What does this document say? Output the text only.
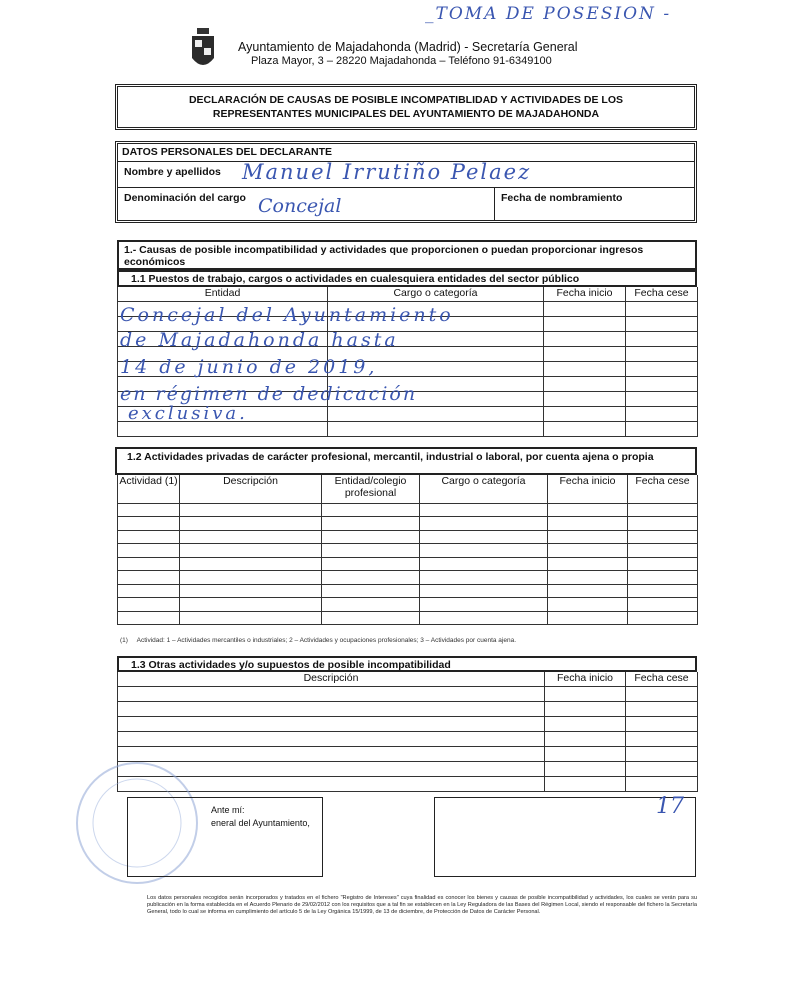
_TOMA DE POSESION -
Ayuntamiento de Majadahonda (Madrid) - Secretaría General
Plaza Mayor, 3 – 28220 Majadahonda – Teléfono 91-6349100
DECLARACIÓN DE CAUSAS DE POSIBLE INCOMPATIBLIDAD Y ACTIVIDADES DE LOS
REPRESENTANTES MUNICIPALES DEL AYUNTAMIENTO DE MAJADAHONDA
DATOS PERSONALES DEL DECLARANTE
Nombre y apellidos Manuel Irrutiño Pelaez
Denominación del cargo Concejal	Fecha de nombramiento
1.- Causas de posible incompatibilidad y actividades que proporcionen o puedan proporcionar ingresos económicos
1.1 Puestos de trabajo, cargos o actividades en cualesquiera entidades del sector público
Entidad	Cargo o categoría	Fecha inicio	Fecha cese

Concejal del Ayuntamiento
de Majadahonda hasta
14 de junio de 2019,
en régimen de dedicación
exclusiva.
1.2 Actividades privadas de carácter profesional, mercantil, industrial o laboral, por cuenta ajena o propia
Actividad (1)	Descripción	Entidad/colegio profesional	Cargo o categoría	Fecha inicio	Fecha cese

(1)     Actividad: 1 – Actividades mercantiles o industriales; 2 – Actividades y ocupaciones profesionales; 3 – Actividades por cuenta ajena.
1.3 Otras actividades y/o supuestos de posible incompatibilidad
Descripción	Fecha inicio	Fecha cese

Ante mí:
eneral del Ayuntamiento,
17
Los datos personales recogidos serán incorporados y tratados en el fichero "Registro de Intereses" cuya finalidad es conocer los bienes y causas de posible incompatibilidad y actividades, los cuales se verán para su publicación en la forma establecida en el Acuerdo Plenario de 29/02/2012 con los requisitos que a tal fin se establecen en la Ley Reguladora de las Bases del Régimen Local, siendo el responsable del fichero la Secretaría General, todo lo cual se informa en cumplimiento del artículo 5 de la Ley Orgánica 15/1999, de 13 de diciembre, de Protección de Datos de Carácter Personal.
